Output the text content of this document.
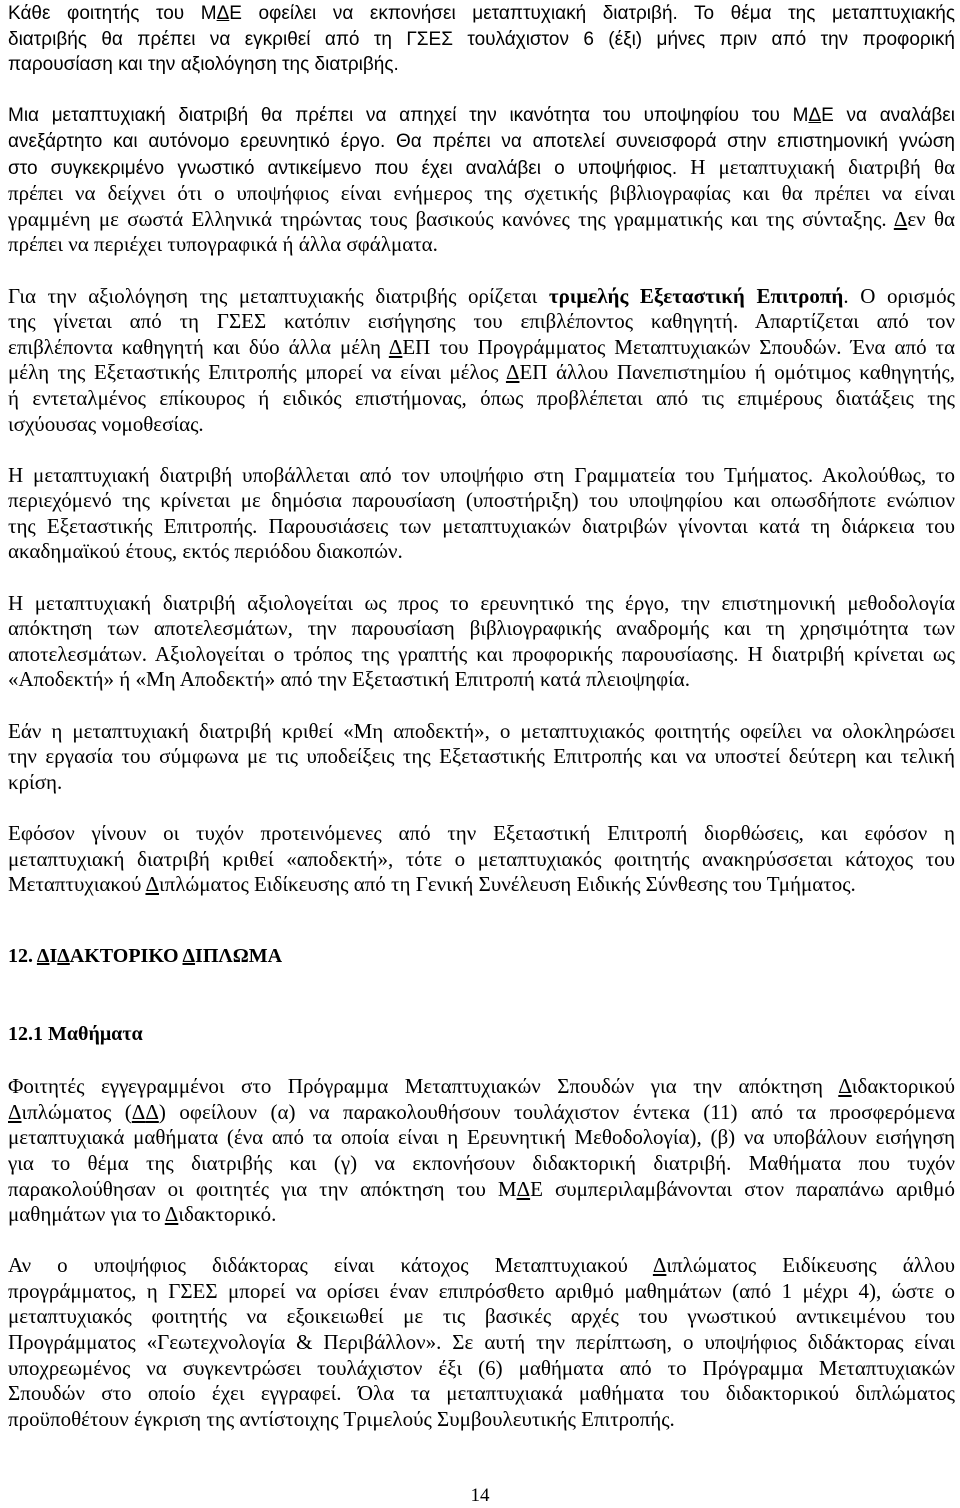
Κάθε φοιτητής του ΜΔΕ οφείλει να εκπονήσει μεταπτυχιακή διατριβή. Το θέμα της μεταπτυχιακής
διατριβής θα πρέπει να εγκριθεί από τη ΓΣΕΣ τουλάχιστον 6 (έξι) μήνες πριν από την προφορική
παρουσίαση και την αξιολόγηση της διατριβής.
Μια μεταπτυχιακή διατριβή θα πρέπει να απηχεί την ικανότητα του υποψηφίου του ΜΔΕ να αναλάβει
ανεξάρτητο και αυτόνομο ερευνητικό έργο. Θα πρέπει να αποτελεί συνεισφορά στην επιστημονική γνώση
στο συγκεκριμένο γνωστικό αντικείμενο που έχει αναλάβει ο υποψήφιος. Η μεταπτυχιακή διατριβή θα
πρέπει να δείχνει ότι ο υποψήφιος είναι ενήμερος της σχετικής βιβλιογραφίας και θα πρέπει να είναι
γραμμένη με σωστά Ελληνικά τηρώντας τους βασικούς κανόνες της γραμματικής και της σύνταξης. Δεν θα
πρέπει να περιέχει τυπογραφικά ή άλλα σφάλματα.
Για την αξιολόγηση της μεταπτυχιακής διατριβής ορίζεται τριμελής Εξεταστική Επιτροπή. Ο ορισμός
της γίνεται από τη ΓΣΕΣ κατόπιν εισήγησης του επιβλέποντος καθηγητή. Απαρτίζεται από τον
επιβλέποντα καθηγητή και δύο άλλα μέλη ΔΕΠ του Προγράμματος Μεταπτυχιακών Σπουδών. Ένα από τα
μέλη της Εξεταστικής Επιτροπής μπορεί να είναι μέλος ΔΕΠ άλλου Πανεπιστημίου ή ομότιμος καθηγητής,
ή εντεταλμένος επίκουρος ή ειδικός επιστήμονας, όπως προβλέπεται από τις επιμέρους διατάξεις της
ισχύουσας νομοθεσίας.
Η μεταπτυχιακή διατριβή υποβάλλεται από τον υποψήφιο στη Γραμματεία του Τμήματος. Ακολούθως, το
περιεχόμενό της κρίνεται με δημόσια παρουσίαση (υποστήριξη) του υποψηφίου και οπωσδήποτε ενώπιον
της Εξεταστικής Επιτροπής. Παρουσιάσεις των μεταπτυχιακών διατριβών γίνονται κατά τη διάρκεια του
ακαδημαϊκού έτους, εκτός περιόδου διακοπών.
Η μεταπτυχιακή διατριβή αξιολογείται ως προς το ερευνητικό της έργο, την επιστημονική μεθοδολογία
απόκτηση των αποτελεσμάτων, την παρουσίαση βιβλιογραφικής αναδρομής και τη χρησιμότητα των
αποτελεσμάτων. Αξιολογείται ο τρόπος της γραπτής και προφορικής παρουσίασης. Η διατριβή κρίνεται ως
«Αποδεκτή» ή «Μη Αποδεκτή» από την Εξεταστική Επιτροπή κατά πλειοψηφία.
Εάν η μεταπτυχιακή διατριβή κριθεί «Μη αποδεκτή», ο μεταπτυχιακός φοιτητής οφείλει να ολοκληρώσει
την εργασία του σύμφωνα με τις υποδείξεις της Εξεταστικής Επιτροπής και να υποστεί δεύτερη και τελική
κρίση.
Εφόσον γίνουν οι τυχόν προτεινόμενες από την Εξεταστική Επιτροπή διορθώσεις, και εφόσον η
μεταπτυχιακή διατριβή κριθεί «αποδεκτή», τότε ο μεταπτυχιακός φοιτητής ανακηρύσσεται κάτοχος του
Μεταπτυχιακού Διπλώματος Ειδίκευσης από τη Γενική Συνέλευση Ειδικής Σύνθεσης του Τμήματος.
12. ΔΙΔΑΚΤΟΡΙΚΟ ΔΙΠΛΩΜΑ
12.1 Μαθήματα
Φοιτητές εγγεγραμμένοι στο Πρόγραμμα Μεταπτυχιακών Σπουδών για την απόκτηση Διδακτορικού
Διπλώματος (ΔΔ) οφείλουν (α) να παρακολουθήσουν τουλάχιστον έντεκα (11) από τα προσφερόμενα
μεταπτυχιακά μαθήματα (ένα από τα οποία είναι η Ερευνητική Μεθοδολογία), (β) να υποβάλουν εισήγηση
για το θέμα της διατριβής και (γ) να εκπονήσουν διδακτορική διατριβή. Μαθήματα που τυχόν
παρακολούθησαν οι φοιτητές για την απόκτηση του ΜΔΕ συμπεριλαμβάνονται στον παραπάνω αριθμό
μαθημάτων για το Διδακτορικό.
Αν ο υποψήφιος διδάκτορας είναι κάτοχος Μεταπτυχιακού Διπλώματος Ειδίκευσης άλλου
προγράμματος, η ΓΣΕΣ μπορεί να ορίσει έναν επιπρόσθετο αριθμό μαθημάτων (από 1 μέχρι 4), ώστε ο
μεταπτυχιακός φοιτητής να εξοικειωθεί με τις βασικές αρχές του γνωστικού αντικειμένου του
Προγράμματος «Γεωτεχνολογία & Περιβάλλον». Σε αυτή την περίπτωση, ο υποψήφιος διδάκτορας είναι
υποχρεωμένος να συγκεντρώσει τουλάχιστον έξι (6) μαθήματα από το Πρόγραμμα Μεταπτυχιακών
Σπουδών στο οποίο έχει εγγραφεί. Όλα τα μεταπτυχιακά μαθήματα του διδακτορικού διπλώματος
προϋποθέτουν έγκριση της αντίστοιχης Τριμελούς Συμβουλευτικής Επιτροπής.
14
